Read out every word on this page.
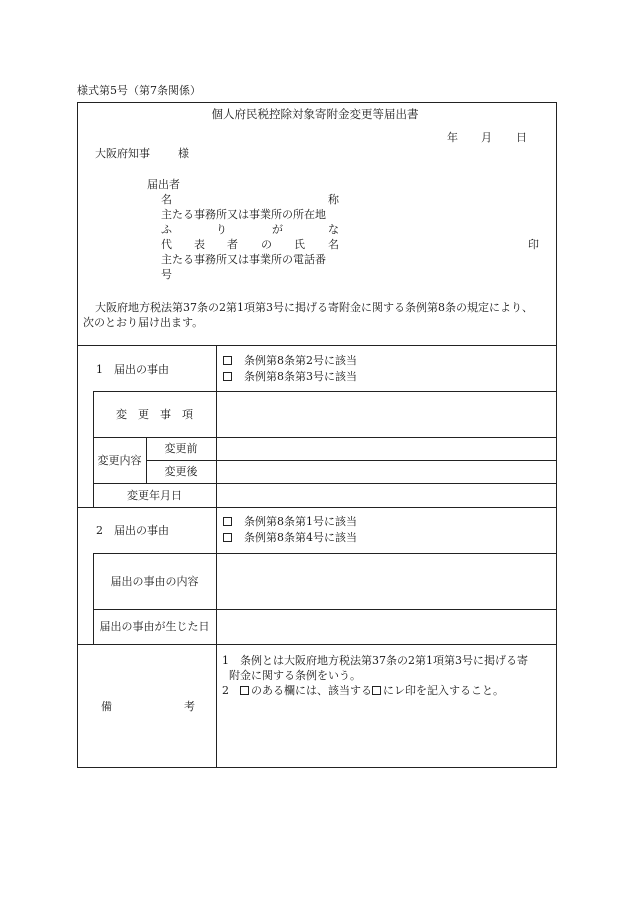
様式第5号（第7条関係）
個人府民税控除対象寄附金変更等届出書
年 月 日
大阪府知事	様
届出者
名	称
主たる事務所又は事業所の所在地
ふ	り	が	な
代 表 者 の 氏 名	印
主たる事務所又は事業所の電話番
号
大阪府地方税法第37条の2第1項第3号に掲げる寄附金に関する条例第8条の規定により、
次のとおり届け出ます。
1　届出の事由
条例第8条第2号に該当
条例第8条第3号に該当
変　更　事　項
変更内容
変更前
変更後
変更年月日
2　届出の事由
条例第8条第1号に該当
条例第8条第4号に該当
届出の事由の内容
届出の事由が生じた日
備	考
1　条例とは大阪府地方税法第37条の2第1項第3号に掲げる寄
附金に関する条例をいう。
2　のある欄には、該当する にレ印を記入すること。
